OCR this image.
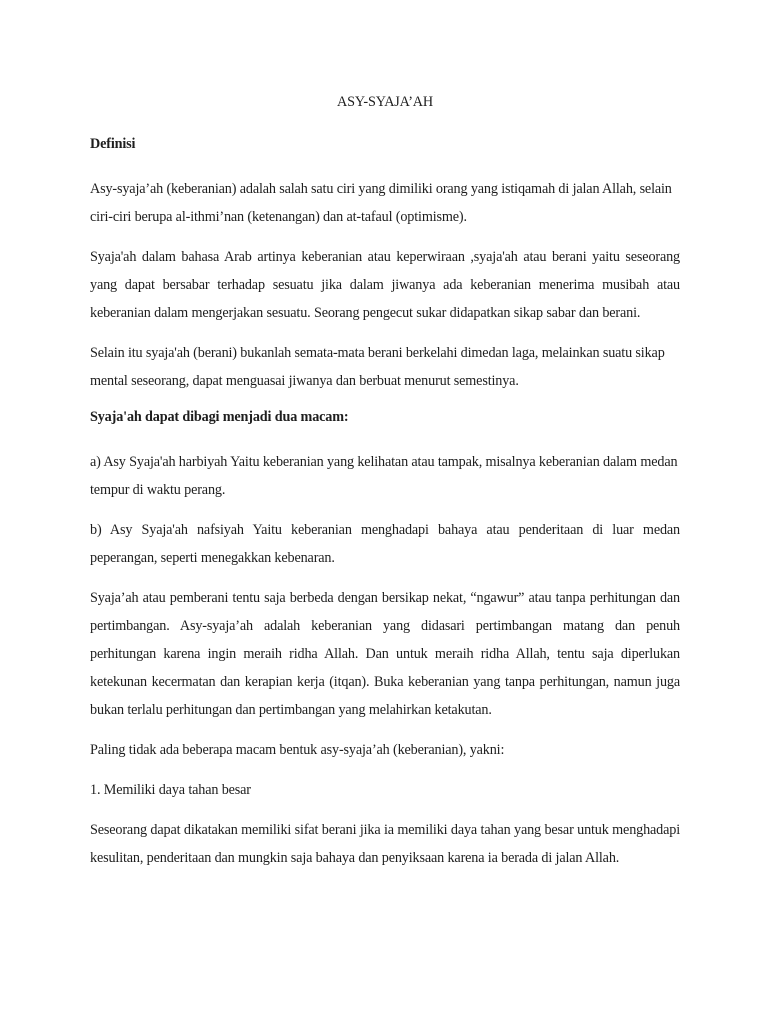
ASY-SYAJA’AH
Definisi

Asy-syaja’ah (keberanian) adalah salah satu ciri yang dimiliki orang yang istiqamah di jalan Allah, selain ciri-ciri berupa al-ithmi’nan (ketenangan) dan at-tafaul (optimisme).

Syaja'ah dalam bahasa Arab artinya keberanian atau keperwiraan ,syaja'ah atau berani yaitu seseorang yang dapat bersabar terhadap sesuatu jika dalam jiwanya ada keberanian menerima musibah atau keberanian dalam mengerjakan sesuatu. Seorang pengecut sukar didapatkan sikap sabar dan berani.

Selain itu syaja'ah (berani) bukanlah semata-mata berani berkelahi dimedan laga, melainkan suatu sikap mental seseorang, dapat menguasai jiwanya dan berbuat menurut semestinya.

Syaja'ah dapat dibagi menjadi dua macam:

a) Asy Syaja'ah harbiyah Yaitu keberanian yang kelihatan atau tampak, misalnya keberanian dalam medan tempur di waktu perang.

b) Asy Syaja'ah nafsiyah Yaitu keberanian menghadapi bahaya atau penderitaan di luar medan peperangan, seperti menegakkan kebenaran.

Syaja’ah atau pemberani tentu saja berbeda dengan bersikap nekat, “ngawur” atau tanpa perhitungan dan pertimbangan. Asy-syaja’ah adalah keberanian yang didasari pertimbangan matang dan penuh perhitungan karena ingin meraih ridha Allah. Dan untuk meraih ridha Allah, tentu saja diperlukan ketekunan kecermatan dan kerapian kerja (itqan). Buka keberanian yang tanpa perhitungan, namun juga bukan terlalu perhitungan dan pertimbangan yang melahirkan ketakutan.

Paling tidak ada beberapa macam bentuk asy-syaja’ah (keberanian), yakni:

1. Memiliki daya tahan besar

Seseorang dapat dikatakan memiliki sifat berani jika ia memiliki daya tahan yang besar untuk menghadapi kesulitan, penderitaan dan mungkin saja bahaya dan penyiksaan karena ia berada di jalan Allah.
